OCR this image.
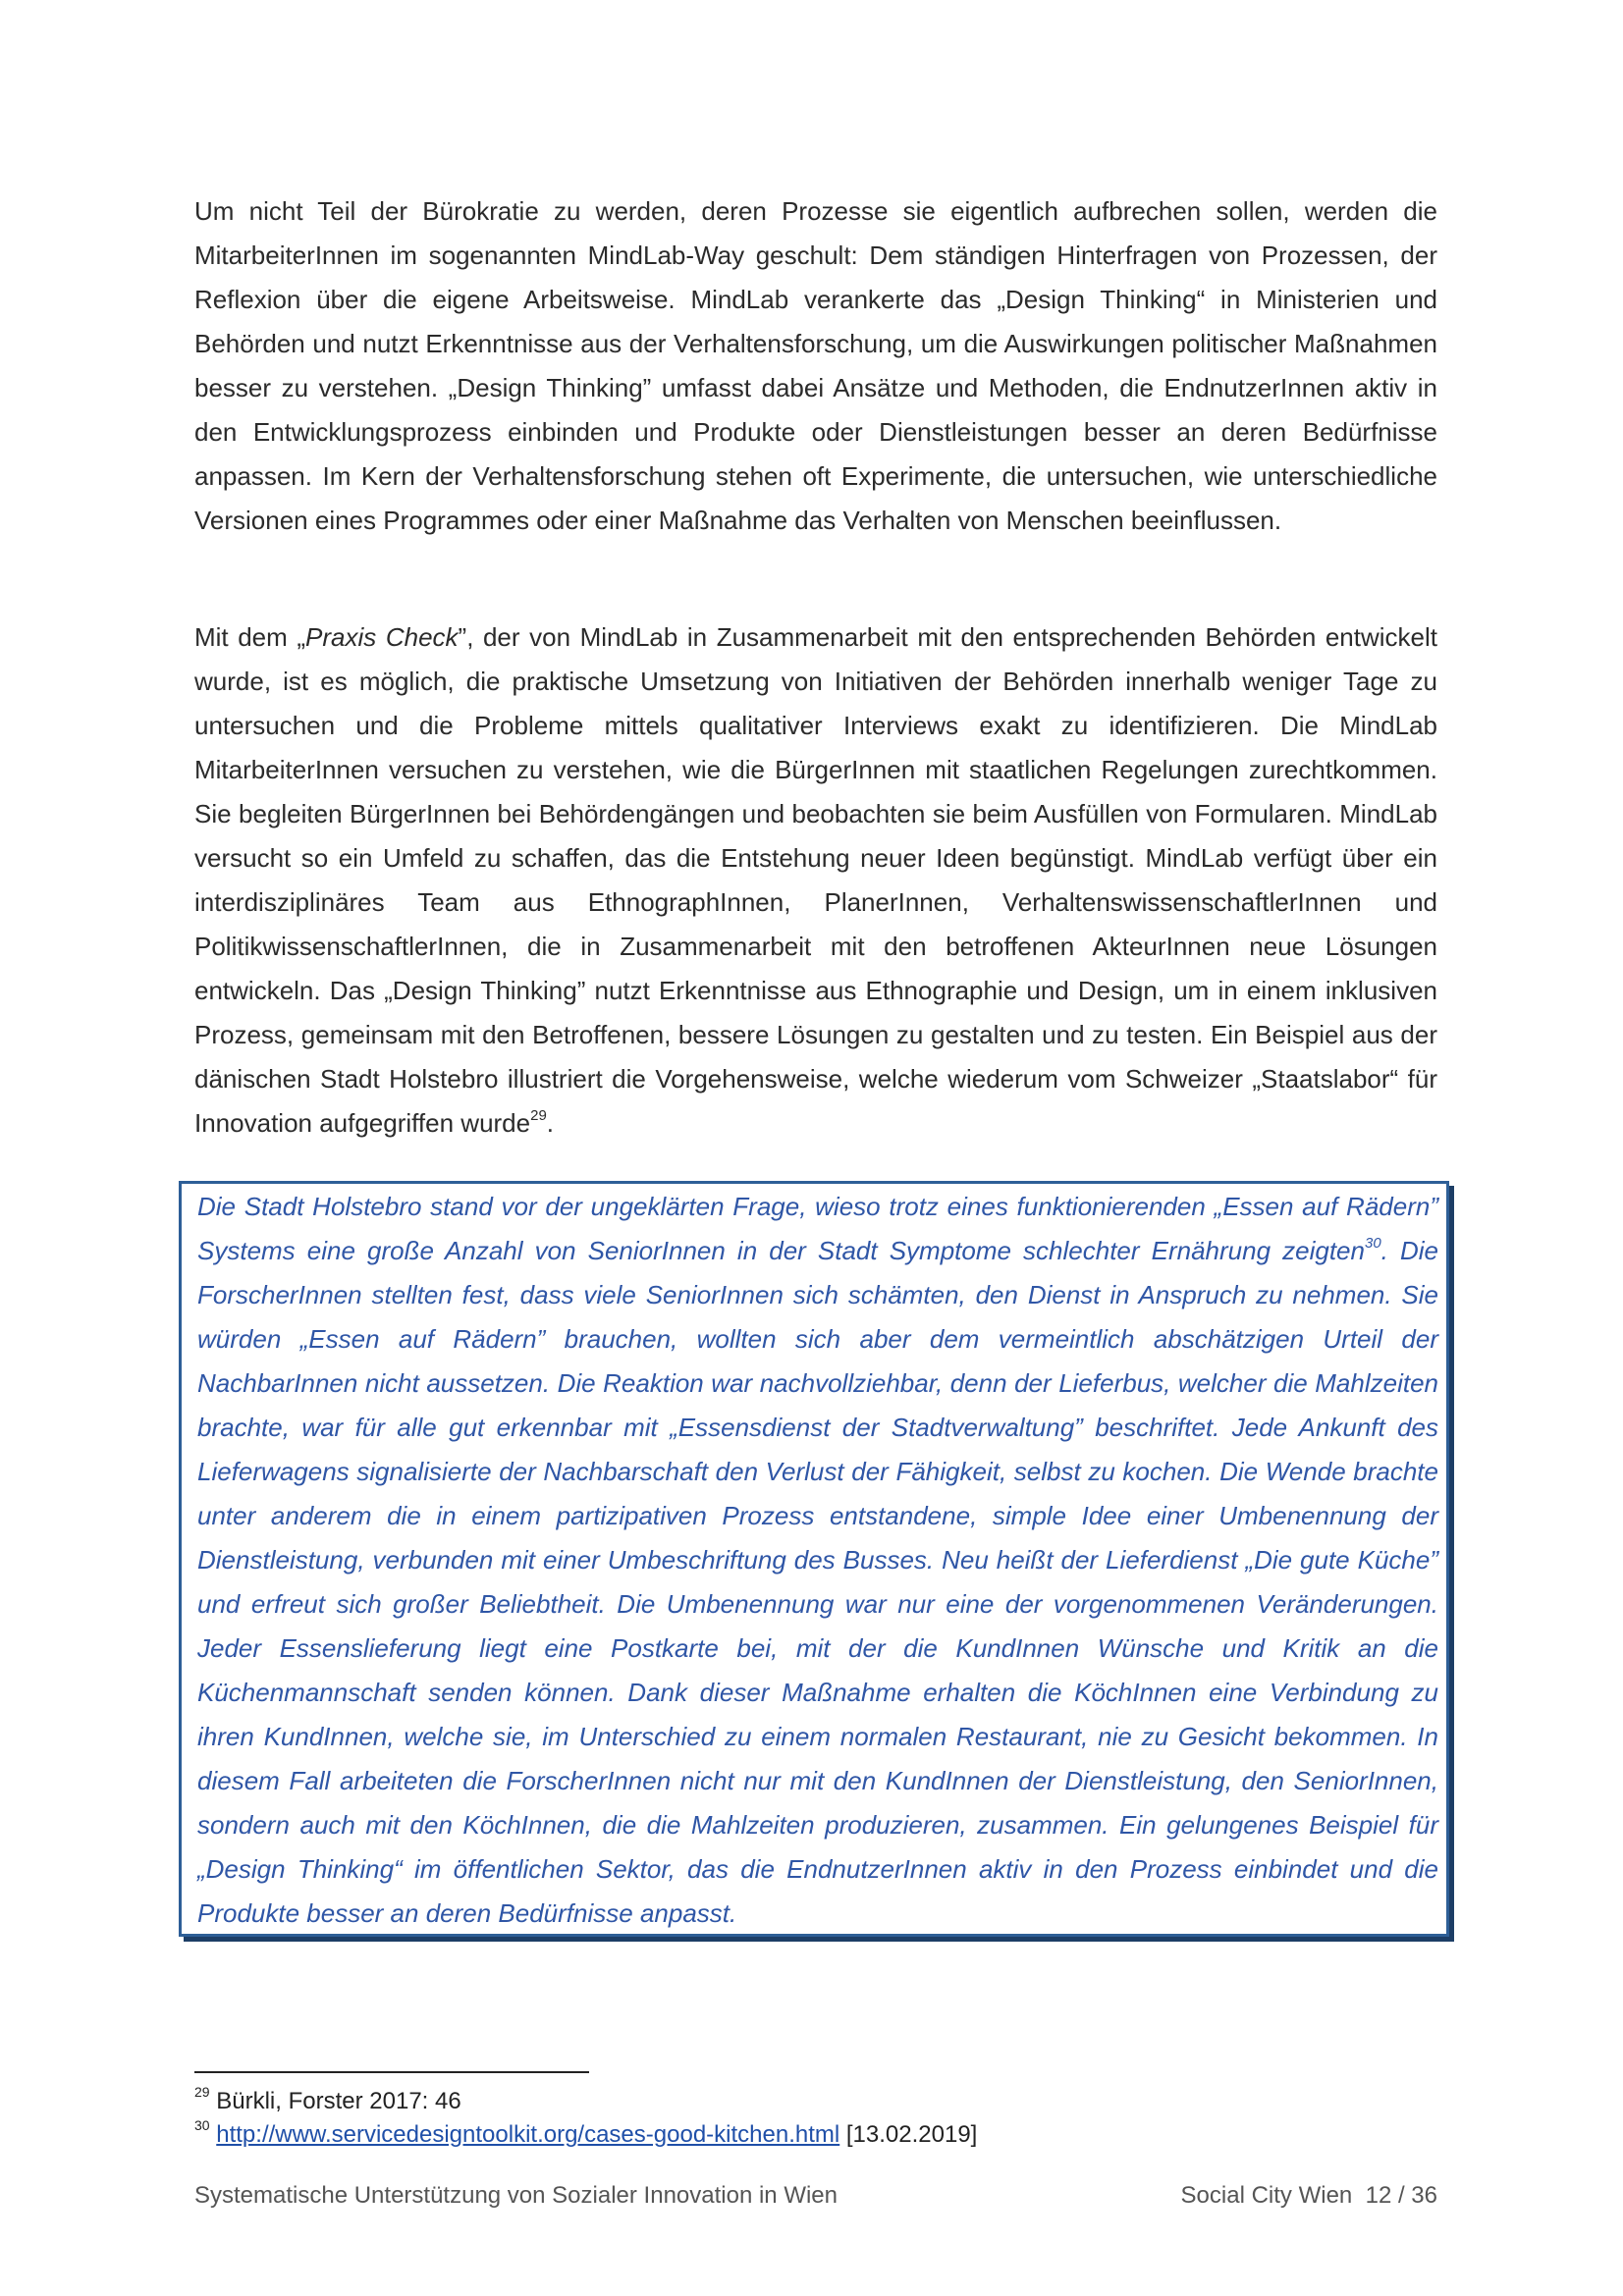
Um nicht Teil der Bürokratie zu werden, deren Prozesse sie eigentlich aufbrechen sollen, werden die MitarbeiterInnen im sogenannten MindLab-Way geschult: Dem ständigen Hinterfragen von Prozessen, der Reflexion über die eigene Arbeitsweise. MindLab verankerte das „Design Thinking“ in Ministerien und Behörden und nutzt Erkenntnisse aus der Verhaltensforschung, um die Auswirkungen politischer Maßnahmen besser zu verstehen. „Design Thinking” umfasst dabei Ansätze und Methoden, die EndnutzerInnen aktiv in den Entwicklungsprozess einbinden und Produkte oder Dienstleistungen besser an deren Bedürfnisse anpassen. Im Kern der Verhaltensforschung stehen oft Experimente, die untersuchen, wie unterschiedliche Versionen eines Programmes oder einer Maßnahme das Verhalten von Menschen beeinflussen.

Mit dem „Praxis Check”, der von MindLab in Zusammenarbeit mit den entsprechenden Behörden entwickelt wurde, ist es möglich, die praktische Umsetzung von Initiativen der Behörden innerhalb weniger Tage zu untersuchen und die Probleme mittels qualitativer Interviews exakt zu identifizieren. Die MindLab MitarbeiterInnen versuchen zu verstehen, wie die BürgerInnen mit staatlichen Regelungen zurechtkommen. Sie begleiten BürgerInnen bei Behördengängen und beobachten sie beim Ausfüllen von Formularen. MindLab versucht so ein Umfeld zu schaffen, das die Entstehung neuer Ideen begünstigt. MindLab verfügt über ein interdisziplinäres Team aus EthnographInnen, PlanerInnen, VerhaltenswissenschaftlerInnen und PolitikwissenschaftlerInnen, die in Zusammenarbeit mit den betroffenen AkteurInnen neue Lösungen entwickeln. Das „Design Thinking” nutzt Erkenntnisse aus Ethnographie und Design, um in einem inklusiven Prozess, gemeinsam mit den Betroffenen, bessere Lösungen zu gestalten und zu testen. Ein Beispiel aus der dänischen Stadt Holstebro illustriert die Vorgehensweise, welche wiederum vom Schweizer „Staatslabor“ für Innovation aufgegriffen wurde$^{29}$.

Die Stadt Holstebro stand vor der ungeklärten Frage, wieso trotz eines funktionierenden „Essen auf Rädern” Systems eine große Anzahl von SeniorInnen in der Stadt Symptome schlechter Ernährung zeigten$^{30}$. Die ForscherInnen stellten fest, dass viele SeniorInnen sich schämten, den Dienst in Anspruch zu nehmen. Sie würden „Essen auf Rädern” brauchen, wollten sich aber dem vermeintlich abschätzigen Urteil der NachbarInnen nicht aussetzen. Die Reaktion war nachvollziehbar, denn der Lieferbus, welcher die Mahlzeiten brachte, war für alle gut erkennbar mit „Essensdienst der Stadtverwaltung” beschriftet. Jede Ankunft des Lieferwagens signalisierte der Nachbarschaft den Verlust der Fähigkeit, selbst zu kochen. Die Wende brachte unter anderem die in einem partizipativen Prozess entstandene, simple Idee einer Umbenennung der Dienstleistung, verbunden mit einer Umbeschriftung des Busses. Neu heißt der Lieferdienst „Die gute Küche” und erfreut sich großer Beliebtheit. Die Umbenennung war nur eine der vorgenommenen Veränderungen. Jeder Essenslieferung liegt eine Postkarte bei, mit der die KundInnen Wünsche und Kritik an die Küchenmannschaft senden können. Dank dieser Maßnahme erhalten die KöchInnen eine Verbindung zu ihren KundInnen, welche sie, im Unterschied zu einem normalen Restaurant, nie zu Gesicht bekommen. In diesem Fall arbeiteten die ForscherInnen nicht nur mit den KundInnen der Dienstleistung, den SeniorInnen, sondern auch mit den KöchInnen, die die Mahlzeiten produzieren, zusammen. Ein gelungenes Beispiel für „Design Thinking“ im öffentlichen Sektor, das die EndnutzerInnen aktiv in den Prozess einbindet und die Produkte besser an deren Bedürfnisse anpasst.

$^{29}$ Bürkli, Forster 2017: 46
$^{30}$ http://www.servicedesigntoolkit.org/cases-good-kitchen.html [13.02.2019]
Systematische Unterstützung von Sozialer Innovation in Wien	Social City Wien  12 / 36
